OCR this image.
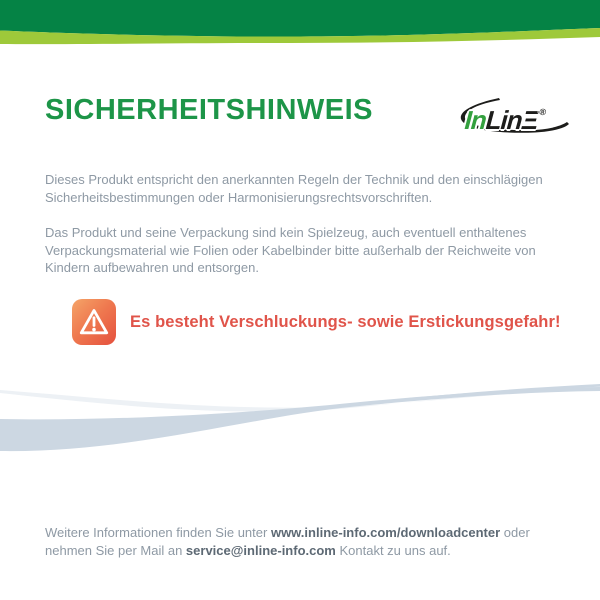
SICHERHEITSHINWEIS	InLinΞ®

Dieses Produkt entspricht den anerkannten Regeln der Technik und den einschlägigen Sicherheitsbestimmungen oder Harmonisierungsrechtsvorschriften.

Das Produkt und seine Verpackung sind kein Spielzeug, auch eventuell enthaltenes Verpackungsmaterial wie Folien oder Kabelbinder bitte außerhalb der Reichweite von Kindern aufbewahren und entsorgen.

Es besteht Verschluckungs- sowie Erstickungsgefahr!

Weitere Informationen finden Sie unter www.inline-info.com/downloadcenter oder nehmen Sie per Mail an service@inline-info.com Kontakt zu uns auf.
